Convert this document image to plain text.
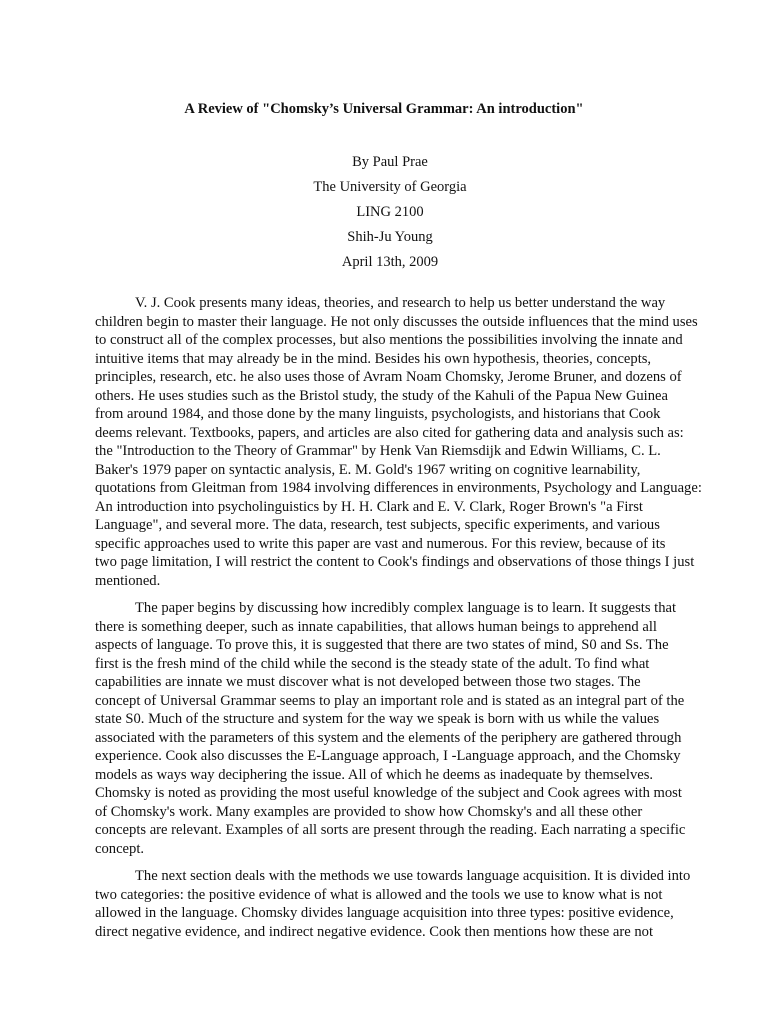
A Review of "Chomsky’s Universal Grammar: An introduction"
By Paul Prae
The University of Georgia
LING 2100
Shih-Ju Young
April 13th, 2009

V. J. Cook presents many ideas, theories, and research to help us better understand the way
children begin to master their language. He not only discusses the outside influences that the mind uses
to construct all of the complex processes, but also mentions the possibilities involving the innate and
intuitive items that may already be in the mind. Besides his own hypothesis, theories, concepts,
principles, research, etc. he also uses those of Avram Noam Chomsky, Jerome Bruner, and dozens of
others. He uses studies such as the Bristol study, the study of the Kahuli of the Papua New Guinea
from around 1984, and those done by the many linguists, psychologists, and historians that Cook
deems relevant. Textbooks, papers, and articles are also cited for gathering data and analysis such as:
the "Introduction to the Theory of Grammar" by Henk Van Riemsdijk and Edwin Williams, C. L.
Baker's 1979 paper on syntactic analysis, E. M. Gold's 1967 writing on cognitive learnability,
quotations from Gleitman from 1984 involving differences in environments, Psychology and Language:
An introduction into psycholinguistics by H. H. Clark and E. V. Clark, Roger Brown's "a First
Language", and several more. The data, research, test subjects, specific experiments, and various
specific approaches used to write this paper are vast and numerous. For this review, because of its
two page limitation, I will restrict the content to Cook's findings and observations of those things I just
mentioned.

The paper begins by discussing how incredibly complex language is to learn. It suggests that
there is something deeper, such as innate capabilities, that allows human beings to apprehend all
aspects of language. To prove this, it is suggested that there are two states of mind, S0 and Ss. The
first is the fresh mind of the child while the second is the steady state of the adult. To find what
capabilities are innate we must discover what is not developed between those two stages. The
concept of Universal Grammar seems to play an important role and is stated as an integral part of the
state S0. Much of the structure and system for the way we speak is born with us while the values
associated with the parameters of this system and the elements of the periphery are gathered through
experience. Cook also discusses the E-Language approach, I -Language approach, and the Chomsky
models as ways way deciphering the issue. All of which he deems as inadequate by themselves.
Chomsky is noted as providing the most useful knowledge of the subject and Cook agrees with most
of Chomsky's work. Many examples are provided to show how Chomsky's and all these other
concepts are relevant. Examples of all sorts are present through the reading. Each narrating a specific
concept.

The next section deals with the methods we use towards language acquisition. It is divided into
two categories: the positive evidence of what is allowed and the tools we use to know what is not
allowed in the language. Chomsky divides language acquisition into three types: positive evidence,
direct negative evidence, and indirect negative evidence. Cook then mentions how these are not
